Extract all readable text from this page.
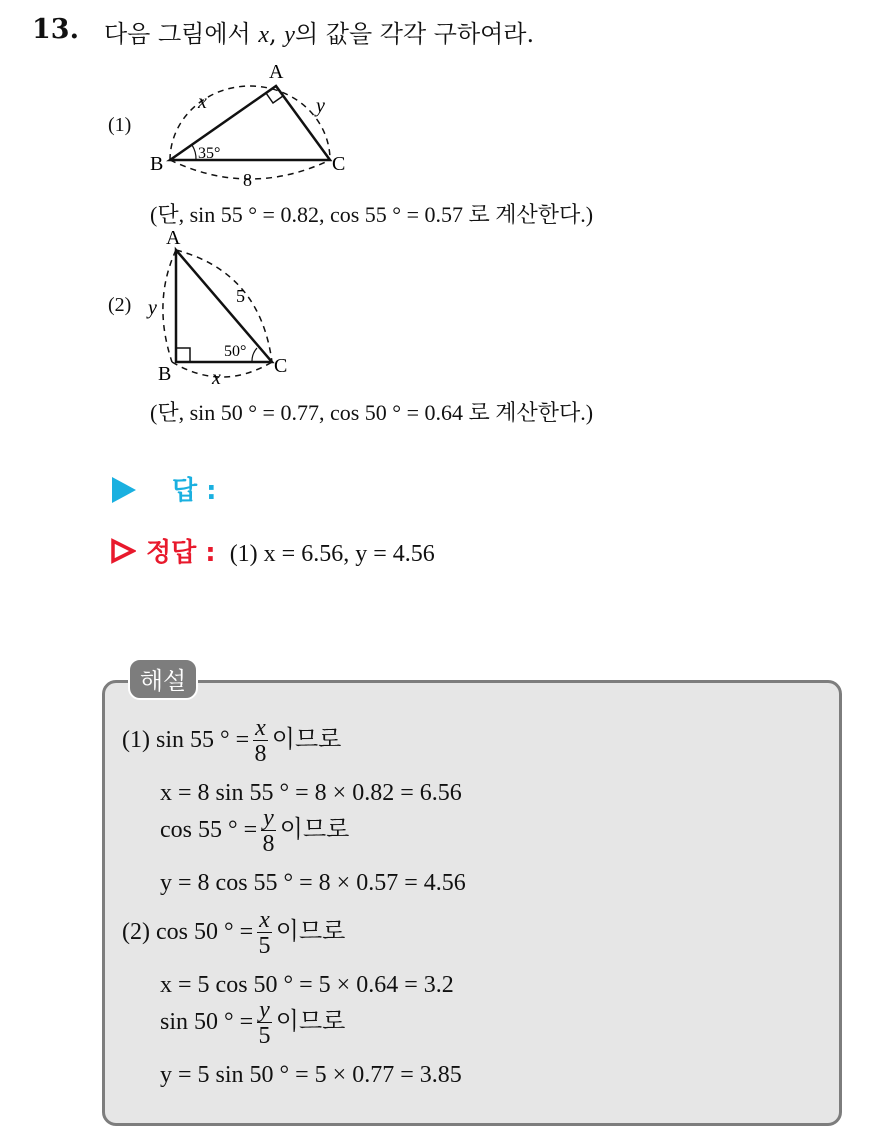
13. 다음 그림에서 x, y의 값을 각각 구하여라.
(1)
A
B	C
x	y
35°
8
(단, sin 55 ° = 0.82, cos 55 ° = 0.57 로 계산한다.)
(2)
A
B	C
y
5
50°
x
(단, sin 50 ° = 0.77, cos 50 ° = 0.64 로 계산한다.)
답 :
정답 : (1) x = 6.56, y = 4.56
해설
(1) sin 55 ° = $\frac{x}{8}$ 이므로
x = 8 sin 55 ° = 8 × 0.82 = 6.56
cos 55 ° = $\frac{y}{8}$ 이므로
y = 8 cos 55 ° = 8 × 0.57 = 4.56
(2) cos 50 ° = $\frac{x}{5}$ 이므로
x = 5 cos 50 ° = 5 × 0.64 = 3.2
sin 50 ° = $\frac{y}{5}$ 이므로
y = 5 sin 50 ° = 5 × 0.77 = 3.85
